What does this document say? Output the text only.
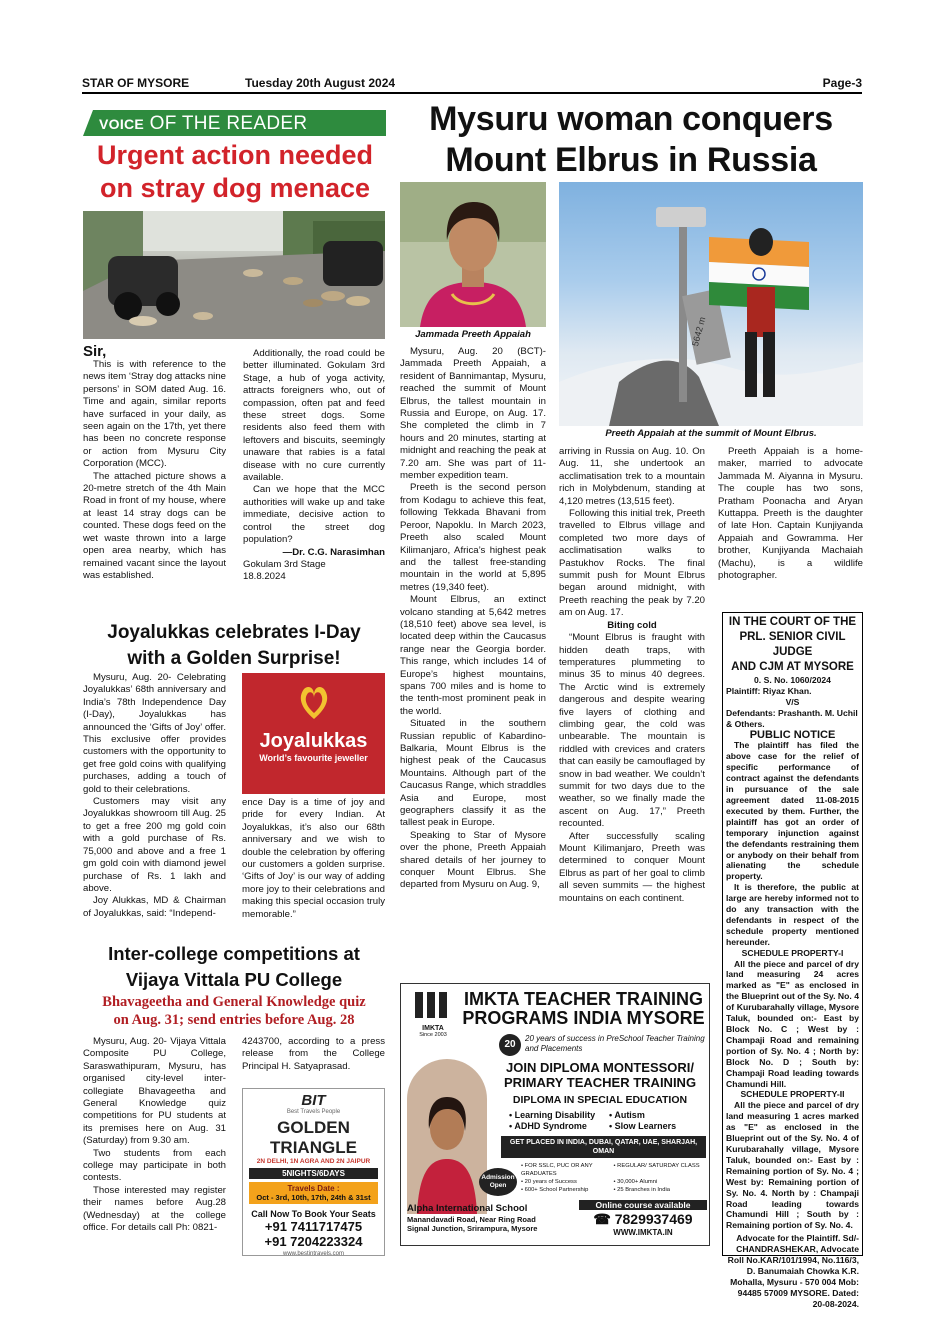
STAR OF MYSORE	Tuesday 20th August 2024	Page-3
VOICE OF THE READER
Urgent action needed
on stray dog menace
Sir,

This is with reference to the news item ‘Stray dog attacks nine persons’ in SOM dated Aug. 16. Time and again, similar reports have surfaced in your daily, as seen again on the 17th, yet there has been no concrete response or action from Mysuru City Corporation (MCC).

The attached picture shows a 20-metre stretch of the 4th Main Road in front of my house, where at least 14 stray dogs can be counted. These dogs feed on the wet waste thrown into a large open area nearby, which has remained vacant since the layout was established.

Additionally, the road could be better illuminated. Gokulam 3rd Stage, a hub of yoga activity, attracts foreigners who, out of compassion, often pat and feed these street dogs. Some residents also feed them with leftovers and biscuits, seemingly unaware that rabies is a fatal disease with no cure currently available.

Can we hope that the MCC authorities will wake up and take immediate, decisive action to control the street dog population?

—Dr. C.G. Narasimhan

Gokulam 3rd Stage

18.8.2024

Joyalukkas celebrates I-Day
with a Golden Surprise!

Mysuru, Aug. 20- Celebrating Joyalukkas’ 68th anniversary and India’s 78th Independence Day (I-Day), Joyalukkas has announced the ‘Gifts of Joy’ offer. This exclusive offer provides customers with the opportunity to get free gold coins with qualifying purchases, adding a touch of gold to their celebrations.

Customers may visit any Joyalukkas showroom till Aug. 25 to get a free 200 mg gold coin with a gold purchase of Rs. 75,000 and above and a free 1 gm gold coin with diamond jewel purchase of Rs. 1 lakh and above.

Joy Alukkas, MD & Chairman of Joyalukkas, said: “Independ-

Joyalukkas
World’s favourite jeweller

ence Day is a time of joy and pride for every Indian. At Joyalukkas, it’s also our 68th anniversary and we wish to double the celebration by offering our customers a golden surprise. ‘Gifts of Joy’ is our way of adding more joy to their celebrations and making this special occasion truly memorable.”

Inter-college competitions at
Vijaya Vittala PU College
Bhavageetha and General Knowledge quiz
on Aug. 31; send entries before Aug. 28

Mysuru, Aug. 20- Vijaya Vittala Composite PU College, Saraswathipuram, Mysuru, has organised city-level inter-collegiate Bhavageetha and General Knowledge quiz competitions for PU students at its premises here on Aug. 31 (Saturday) from 9.30 am.

Two students from each college may participate in both contests.

Those interested may register their names before Aug.28 (Wednesday) at the college office. For details call Ph: 0821-

4243700, according to a press release from the College Principal H. Satyaprasad.

BIT
Best Travels People
GOLDEN TRIANGLE
2N DELHI, 1N AGRA AND 2N JAIPUR
5NIGHTS/6DAYS
Travels Date :
Oct - 3rd, 10th, 17th, 24th & 31st
Call Now To Book Your Seats
+91 7411717475
+91 7204223324
www.bestintravels.com
Mysuru woman conquers
Mount Elbrus in Russia
Jammada Preeth Appaiah	5642 m
Preeth Appaiah at the summit of Mount Elbrus.

Mysuru, Aug. 20 (BCT)- Jammada Preeth Appaiah, a resident of Bannimantap, Mysuru, reached the summit of Mount Elbrus, the tallest mountain in Russia and Europe, on Aug. 17. She completed the climb in 7 hours and 20 minutes, starting at midnight and reaching the peak at 7.20 am. She was part of 11-member expedition team.

Preeth is the second person from Kodagu to achieve this feat, following Tekkada Bhavani from Peroor, Napoklu. In March 2023, Preeth also scaled Mount Kilimanjaro, Africa’s highest peak and the tallest free-standing mountain in the world at 5,895 metres (19,340 feet).

Mount Elbrus, an extinct volcano standing at 5,642 metres (18,510 feet) above sea level, is located deep within the Caucasus range near the Georgia border. This range, which includes 14 of Europe’s highest mountains, spans 700 miles and is home to the tenth-most prominent peak in the world.

Situated in the southern Russian republic of Kabardino-Balkaria, Mount Elbrus is the highest peak of the Caucasus Mountains. Although part of the Caucasus Range, which straddles Asia and Europe, most geographers classify it as the tallest peak in Europe.

Speaking to Star of Mysore over the phone, Preeth Appaiah shared details of her journey to conquer Mount Elbrus. She departed from Mysuru on Aug. 9,

arriving in Russia on Aug. 10. On Aug. 11, she undertook an acclimatisation trek to a mountain rich in Molybdenum, standing at 4,120 metres (13,515 feet).

Following this initial trek, Preeth travelled to Elbrus village and completed two more days of acclimatisation walks to Pastukhov Rocks. The final summit push for Mount Elbrus began around midnight, with Preeth reaching the peak by 7.20 am on Aug. 17.

Biting cold

“Mount Elbrus is fraught with hidden death traps, with temperatures plummeting to minus 35 to minus 40 degrees. The Arctic wind is extremely dangerous and despite wearing five layers of clothing and climbing gear, the cold was unbearable. The mountain is riddled with crevices and craters that can easily be camouflaged by snow in bad weather. We couldn’t summit for two days due to the weather, so we finally made the ascent on Aug. 17,” Preeth recounted.

After successfully scaling Mount Kilimanjaro, Preeth was determined to conquer Mount Elbrus as part of her goal to climb all seven summits — the highest mountains on each continent.

Preeth Appaiah is a home-maker, married to advocate Jammada M. Aiyanna in Mysuru. The couple has two sons, Pratham Poonacha and Aryan Kuttappa. Preeth is the daughter of late Hon. Captain Kunjiyanda Appaiah and Gowramma. Her brother, Kunjiyanda Machaiah (Machu), is a wildlife photographer.

IN THE COURT OF THE
PRL. SENIOR CIVIL JUDGE
AND CJM AT MYSORE
0. S. No. 1060/2024
Plaintiff: Riyaz Khan.
V/S
Defendants: Prashanth. M. Uchil & Others.
PUBLIC NOTICE
The plaintiff has filed the above case for the relief of specific performance of contract against the defendants in pursuance of the sale agreement dated 11-08-2015 executed by them. Further, the plaintiff has got an order of temporary injunction against the defendants restraining them or anybody on their behalf from alienating the schedule property.
It is therefore, the public at large are hereby informed not to do any transaction with the defendants in respect of the schedule property mentioned hereunder.
SCHEDULE PROPERTY-I
All the piece and parcel of dry land measuring 24 acres marked as "E" as enclosed in the Blueprint out of the Sy. No. 4 of Kurubarahally village, Mysore Taluk, bounded on:- East by Block No. C ; West by : Champaji Road and remaining portion of Sy. No. 4 ; North by: Block No. D ; South by: Champaji Road leading towards Chamundi Hill.
SCHEDULE PROPERTY-II
All the piece and parcel of dry land measuring 1 acres marked as "E" as enclosed in the Blueprint out of the Sy. No. 4 of Kurubarahally village, Mysore Taluk, bounded on:- East by : Remaining portion of Sy. No. 4 ; West by: Remaining portion of Sy. No. 4. North by : Champaji Road leading towards Chamundi Hill ; South by : Remaining portion of Sy. No. 4.
Advocate for the Plaintiff. Sd/- CHANDRASHEKAR, Advocate Roll No.KAR/101/1994, No.116/3, D. Banumaiah Chowka K.R. Mohalla, Mysuru - 570 004 Mob: 94485 57009 MYSORE. Dated: 20-08-2024.
IMKTA
Since 2003
IMKTA TEACHER TRAINING
PROGRAMS INDIA MYSORE
20
20 years of success in PreSchool Teacher Training and Placements
JOIN DIPLOMA MONTESSORI/
PRIMARY TEACHER TRAINING
DIPLOMA IN SPECIAL EDUCATION
• Learning Disability	• Autism
• ADHD Syndrome	• Slow Learners
GET PLACED IN INDIA, DUBAI, QATAR, UAE, SHARJAH, OMAN
• FOR SSLC, PUC OR ANY GRADUATES
• REGULAR/ SATURDAY CLASS
• 20 years of Success	• 30,000+ Alumni
• 600+ School Partnership	• 25 Branches in India
Admission Open
Alpha International School
Manandavadi Road, Near Ring Road
Signal Junction, Srirampura, Mysore
Online course available
☎ 7829937469
WWW.IMKTA.IN
